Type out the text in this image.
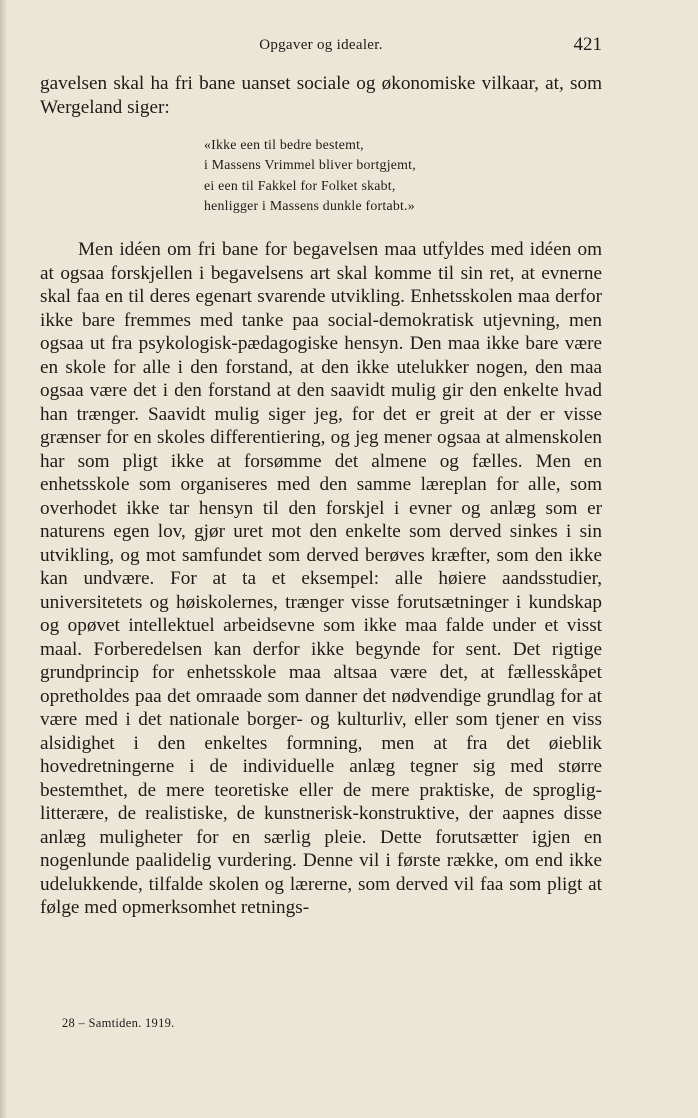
Opgaver og idealer.	421

gavelsen skal ha fri bane uanset sociale og økonomiske vilkaar, at, som Wergeland siger:

«Ikke een til bedre bestemt,
i Massens Vrimmel bliver bortgjemt,
ei een til Fakkel for Folket skabt,
henligger i Massens dunkle fortabt.»

Men idéen om fri bane for begavelsen maa utfyldes med idéen om at ogsaa forskjellen i begavelsens art skal komme til sin ret, at evnerne skal faa en til deres egenart svarende utvikling. Enhetsskolen maa derfor ikke bare fremmes med tanke paa social-demokratisk utjevning, men ogsaa ut fra psykologisk-pædagogiske hensyn. Den maa ikke bare være en skole for alle i den forstand, at den ikke utelukker nogen, den maa ogsaa være det i den forstand at den saavidt mulig gir den enkelte hvad han trænger. Saavidt mulig siger jeg, for det er greit at der er visse grænser for en skoles differentiering, og jeg mener ogsaa at almenskolen har som pligt ikke at forsømme det almene og fælles. Men en enhetsskole som organiseres med den samme læreplan for alle, som overhodet ikke tar hensyn til den forskjel i evner og anlæg som er naturens egen lov, gjør uret mot den enkelte som derved sinkes i sin utvikling, og mot samfundet som derved berøves kræfter, som den ikke kan undvære. For at ta et eksempel: alle høiere aandsstudier, universitetets og høiskolernes, trænger visse forutsætninger i kundskap og opøvet intellektuel arbeidsevne som ikke maa falde under et visst maal. Forberedelsen kan derfor ikke begynde for sent. Det rigtige grundprincip for enhetsskole maa altsaa være det, at fællesskåpet opretholdes paa det omraade som danner det nødvendige grundlag for at være med i det nationale borger- og kulturliv, eller som tjener en viss alsidighet i den enkeltes formning, men at fra det øieblik hovedretningerne i de individuelle anlæg tegner sig med større bestemthet, de mere teoretiske eller de mere praktiske, de sproglig-litterære, de realistiske, de kunstnerisk-konstruktive, der aapnes disse anlæg muligheter for en særlig pleie. Dette forutsætter igjen en nogenlunde paalidelig vurdering. Denne vil i første række, om end ikke udelukkende, tilfalde skolen og lærerne, som derved vil faa som pligt at følge med opmerksomhet retnings-

28 – Samtiden. 1919.
